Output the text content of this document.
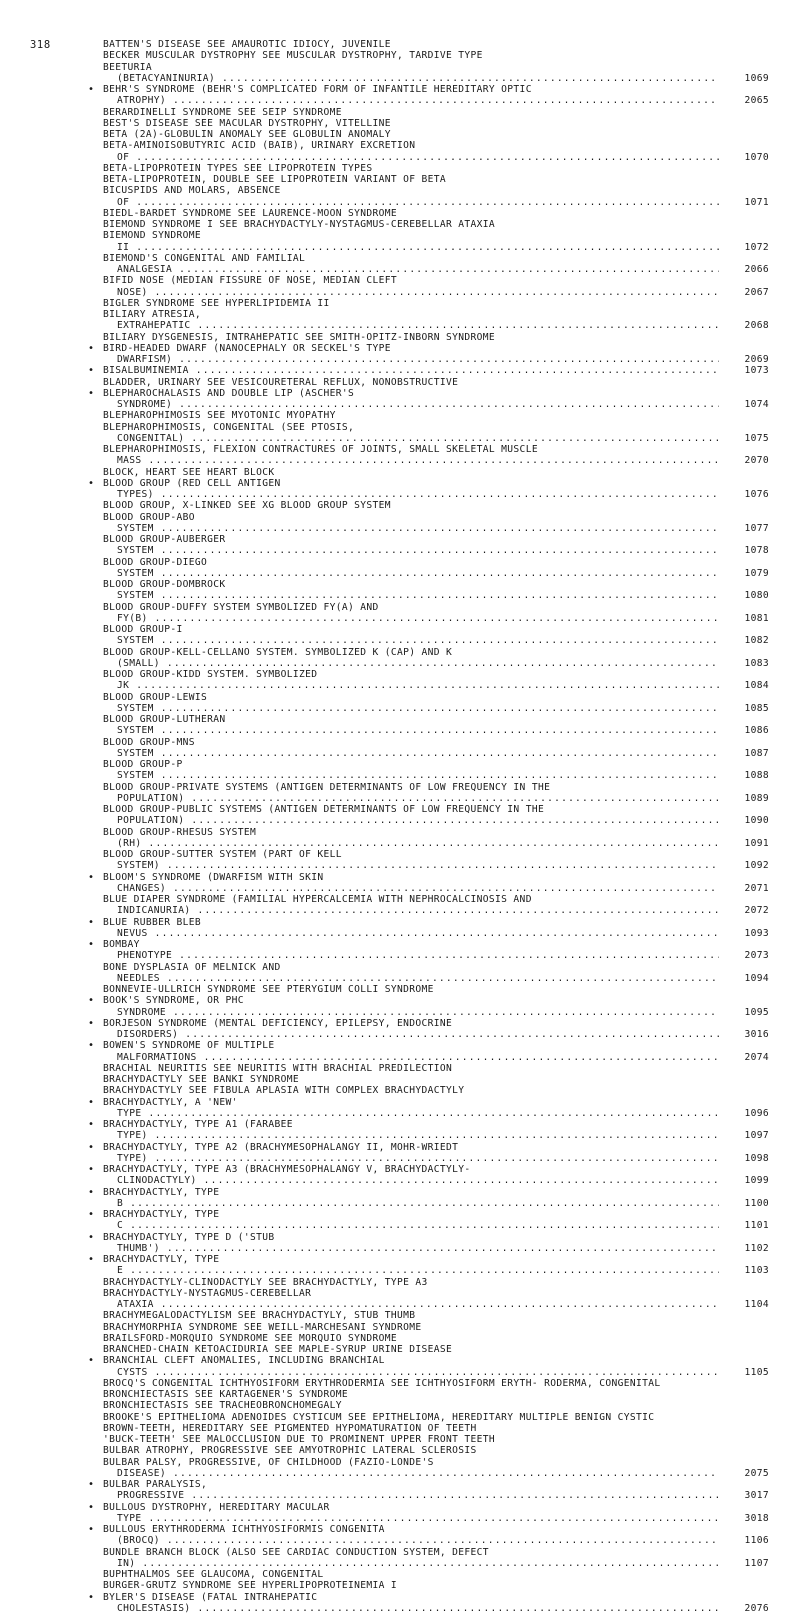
318	BATTEN'S DISEASE SEE AMAUROTIC IDIOCY, JUVENILE
BECKER MUSCULAR DYSTROPHY SEE MUSCULAR DYSTROPHY, TARDIVE TYPE
BEETURIA (BETACYANINURIA) .....	1069
• BEHR'S SYNDROME (BEHR'S COMPLICATED FORM OF INFANTILE HEREDITARY OPTIC ATROPHY) .....	2065
BERARDINELLI SYNDROME SEE SEIP SYNDROME
BEST'S DISEASE SEE MACULAR DYSTROPHY, VITELLINE
BETA (2A)-GLOBULIN ANOMALY SEE GLOBULIN ANOMALY
BETA-AMINOISOBUTYRIC ACID (BAIB), URINARY EXCRETION OF .....	1070
BETA-LIPOPROTEIN TYPES SEE LIPOPROTEIN TYPES
BETA-LIPOPROTEIN, DOUBLE SEE LIPOPROTEIN VARIANT OF BETA
BICUSPIDS AND MOLARS, ABSENCE OF .....	1071
BIEDL-BARDET SYNDROME SEE LAURENCE-MOON SYNDROME
BIEMOND SYNDROME I SEE BRACHYDACTYLY-NYSTAGMUS-CEREBELLAR ATAXIA
BIEMOND SYNDROME II .....	1072
BIEMOND'S CONGENITAL AND FAMILIAL ANALGESIA .....	2066
BIFID NOSE (MEDIAN FISSURE OF NOSE, MEDIAN CLEFT NOSE) .....	2067
BIGLER SYNDROME SEE HYPERLIPIDEMIA II
BILIARY ATRESIA, EXTRAHEPATIC .....	2068
BILIARY DYSGENESIS, INTRAHEPATIC SEE SMITH-OPITZ-INBORN SYNDROME
• BIRD-HEADED DWARF (NANOCEPHALY OR SECKEL'S TYPE DWARFISM) .....	2069
• BISALBUMINEMIA .....	1073
BLADDER, URINARY SEE VESICOURETERAL REFLUX, NONOBSTRUCTIVE
• BLEPHAROCHALASIS AND DOUBLE LIP (ASCHER'S SYNDROME) .....	1074
BLEPHAROPHIMOSIS SEE MYOTONIC MYOPATHY
BLEPHAROPHIMOSIS, CONGENITAL (SEE PTOSIS, CONGENITAL) .....	1075
BLEPHAROPHIMOSIS, FLEXION CONTRACTURES OF JOINTS, SMALL SKELETAL MUSCLE MASS .....	2070
BLOCK, HEART SEE HEART BLOCK
• BLOOD GROUP (RED CELL ANTIGEN TYPES) .....	1076
BLOOD GROUP, X-LINKED SEE XG BLOOD GROUP SYSTEM
BLOOD GROUP-ABO SYSTEM .....	1077
BLOOD GROUP-AUBERGER SYSTEM .....	1078
BLOOD GROUP-DIEGO SYSTEM .....	1079
BLOOD GROUP-DOMBROCK SYSTEM .....	1080
BLOOD GROUP-DUFFY SYSTEM SYMBOLIZED FY(A) AND FY(B) .....	1081
BLOOD GROUP-I SYSTEM .....	1082
BLOOD GROUP-KELL-CELLANO SYSTEM. SYMBOLIZED K (CAP) AND K (SMALL) .....	1083
BLOOD GROUP-KIDD SYSTEM. SYMBOLIZED JK .....	1084
BLOOD GROUP-LEWIS SYSTEM .....	1085
BLOOD GROUP-LUTHERAN SYSTEM .....	1086
BLOOD GROUP-MNS SYSTEM .....	1087
BLOOD GROUP-P SYSTEM .....	1088
BLOOD GROUP-PRIVATE SYSTEMS (ANTIGEN DETERMINANTS OF LOW FREQUENCY IN THE POPULATION) .....	1089
BLOOD GROUP-PUBLIC SYSTEMS (ANTIGEN DETERMINANTS OF LOW FREQUENCY IN THE POPULATION) .....	1090
BLOOD GROUP-RHESUS SYSTEM (RH) .....	1091
BLOOD GROUP-SUTTER SYSTEM (PART OF KELL SYSTEM) .....	1092
• BLOOM'S SYNDROME (DWARFISM WITH SKIN CHANGES) .....	2071
BLUE DIAPER SYNDROME (FAMILIAL HYPERCALCEMIA WITH NEPHROCALCINOSIS AND INDICANURIA) .....	2072
• BLUE RUBBER BLEB NEVUS .....	1093
• BOMBAY PHENOTYPE .....	2073
BONE DYSPLASIA OF MELNICK AND NEEDLES .....	1094
BONNEVIE-ULLRICH SYNDROME SEE PTERYGIUM COLLI SYNDROME
• BOOK'S SYNDROME, OR PHC SYNDROME .....	1095
• BORJESON SYNDROME (MENTAL DEFICIENCY, EPILEPSY, ENDOCRINE DISORDERS) .....	3016
• BOWEN'S SYNDROME OF MULTIPLE MALFORMATIONS .....	2074
BRACHIAL NEURITIS SEE NEURITIS WITH BRACHIAL PREDILECTION
BRACHYDACTYLY SEE BANKI SYNDROME
BRACHYDACTYLY SEE FIBULA APLASIA WITH COMPLEX BRACHYDACTYLY
• BRACHYDACTYLY, A 'NEW' TYPE .....	1096
• BRACHYDACTYLY, TYPE A1 (FARABEE TYPE) .....	1097
• BRACHYDACTYLY, TYPE A2 (BRACHYMESOPHALANGY II, MOHR-WRIEDT TYPE) .....	1098
• BRACHYDACTYLY, TYPE A3 (BRACHYMESOPHALANGY V, BRACHYDACTYLY-CLINODACTYLY) .....	1099
• BRACHYDACTYLY, TYPE B .....	1100
• BRACHYDACTYLY, TYPE C .....	1101
• BRACHYDACTYLY, TYPE D ('STUB THUMB') .....	1102
• BRACHYDACTYLY, TYPE E .....	1103
BRACHYDACTYLY-CLINODACTYLY SEE BRACHYDACTYLY, TYPE A3
BRACHYDACTYLY-NYSTAGMUS-CEREBELLAR ATAXIA .....	1104
BRACHYMEGALODACTYLISM SEE BRACHYDACTYLY, STUB THUMB
BRACHYMORPHIA SYNDROME SEE WEILL-MARCHESANI SYNDROME
BRAILSFORD-MORQUIO SYNDROME SEE MORQUIO SYNDROME
BRANCHED-CHAIN KETOACIDURIA SEE MAPLE-SYRUP URINE DISEASE
• BRANCHIAL CLEFT ANOMALIES, INCLUDING BRANCHIAL CYSTS .....	1105
BROCQ'S CONGENITAL ICHTHYOSIFORM ERYTHRODERMIA SEE ICHTHYOSIFORM ERYTH- RODERMA, CONGENITAL
BRONCHIECTASIS SEE KARTAGENER'S SYNDROME
BRONCHIECTASIS SEE TRACHEOBRONCHOMEGALY
BROOKE'S EPITHELIOMA ADENOIDES CYSTICUM SEE EPITHELIOMA, HEREDITARY MULTIPLE BENIGN CYSTIC
BROWN-TEETH, HEREDITARY SEE PIGMENTED HYPOMATURATION OF TEETH
'BUCK-TEETH' SEE MALOCCLUSION DUE TO PROMINENT UPPER FRONT TEETH
BULBAR ATROPHY, PROGRESSIVE SEE AMYOTROPHIC LATERAL SCLEROSIS
BULBAR PALSY, PROGRESSIVE, OF CHILDHOOD (FAZIO-LONDE'S DISEASE) .....	2075
• BULBAR PARALYSIS, PROGRESSIVE .....	3017
• BULLOUS DYSTROPHY, HEREDITARY MACULAR TYPE .....	3018
• BULLOUS ERYTHRODERMA ICHTHYOSIFORMIS CONGENITA (BROCQ) .....	1106
BUNDLE BRANCH BLOCK (ALSO SEE CARDIAC CONDUCTION SYSTEM, DEFECT IN) .....	1107
BUPHTHALMOS SEE GLAUCOMA, CONGENITAL
BURGER-GRUTZ SYNDROME SEE HYPERLIPOPROTEINEMIA I
• BYLER'S DISEASE (FATAL INTRAHEPATIC CHOLESTASIS) .....	2076
